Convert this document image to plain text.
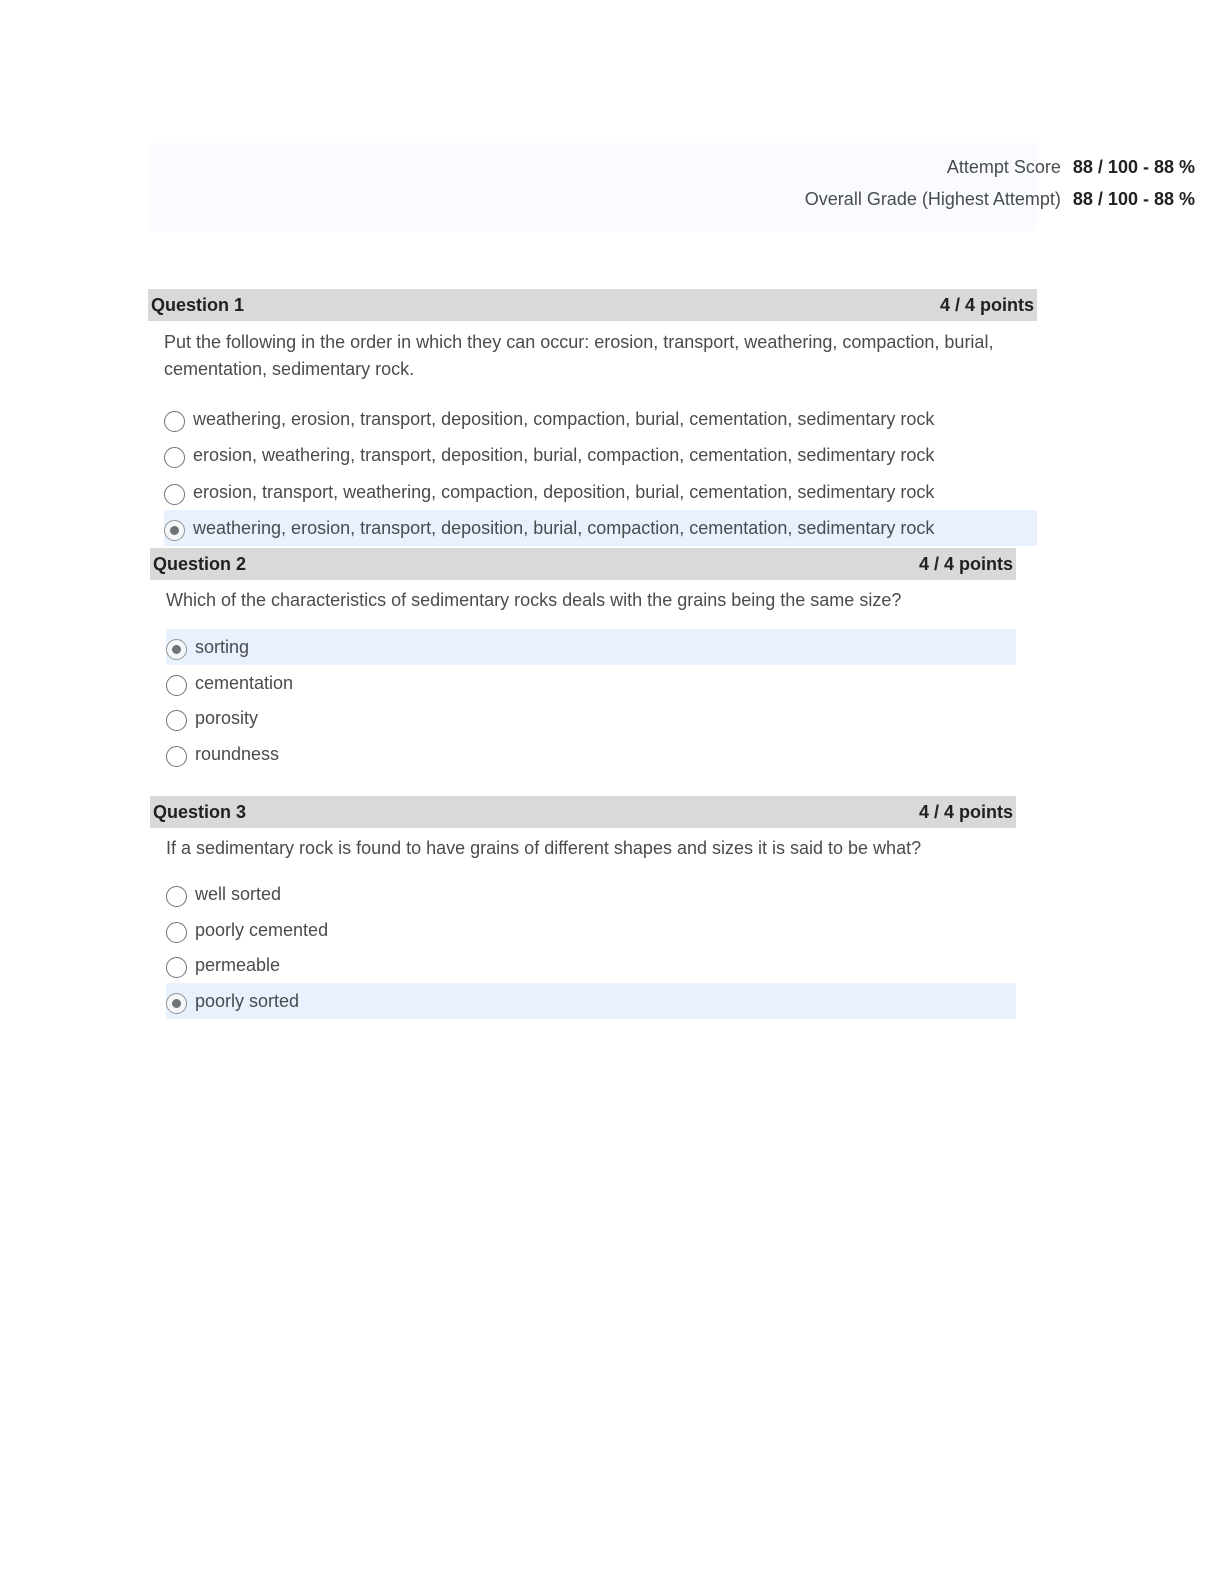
Attempt Score 88 / 100 - 88 %
Overall Grade (Highest Attempt) 88 / 100 - 88 %
Question 1	4 / 4 points
Put the following in the order in which they can occur: erosion, transport, weathering, compaction, burial, cementation, sedimentary rock.
weathering, erosion, transport, deposition, compaction, burial, cementation, sedimentary rock
erosion, weathering, transport, deposition, burial, compaction, cementation, sedimentary rock
erosion, transport, weathering, compaction, deposition, burial, cementation, sedimentary rock
Question 2	4 / 4 points
weathering, erosion, transport, deposition, burial, compaction, cementation, sedimentary rock
Which of the characteristics of sedimentary rocks deals with the grains being the same size?
sorting
cementation
porosity
roundness
Question 3	4 / 4 points
If a sedimentary rock is found to have grains of different shapes and sizes it is said to be what?
well sorted
poorly cemented
permeable
poorly sorted
